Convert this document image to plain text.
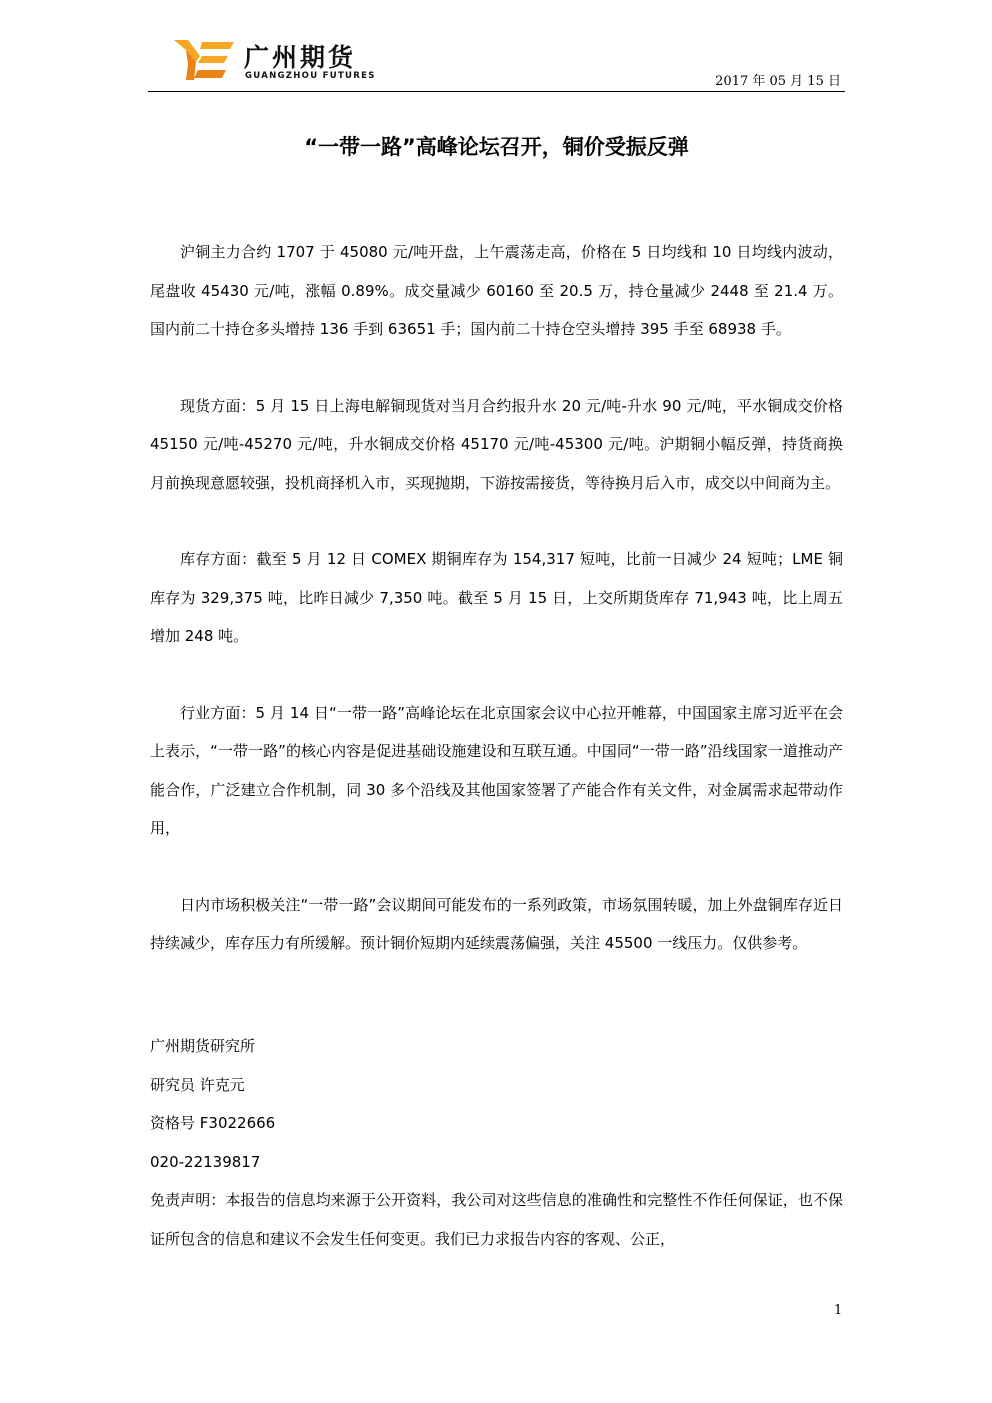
广州期货
GUANGZHOU FUTURES	2017 年 05 月 15 日
“一带一路”高峰论坛召开，铜价受振反弹

沪铜主力合约 1707 于 45080 元/吨开盘，上午震荡走高，价格在 5 日均线和 10 日均线内波动，尾盘收 45430 元/吨，涨幅 0.89%。成交量减少 60160 至 20.5 万，持仓量减少 2448 至 21.4 万。国内前二十持仓多头增持 136 手到 63651 手；国内前二十持仓空头增持 395 手至 68938 手。

现货方面：5 月 15 日上海电解铜现货对当月合约报升水 20 元/吨-升水 90 元/吨，平水铜成交价格 45150 元/吨-45270 元/吨，升水铜成交价格 45170 元/吨-45300 元/吨。沪期铜小幅反弹，持货商换月前换现意愿较强，投机商择机入市，买现抛期，下游按需接货，等待换月后入市，成交以中间商为主。

库存方面：截至 5 月 12 日 COMEX 期铜库存为 154,317 短吨，比前一日减少 24 短吨；LME 铜库存为 329,375 吨，比昨日减少 7,350 吨。截至 5 月 15 日，上交所期货库存 71,943 吨，比上周五增加 248 吨。

行业方面：5 月 14 日“一带一路”高峰论坛在北京国家会议中心拉开帷幕，中国国家主席习近平在会上表示，“一带一路”的核心内容是促进基础设施建设和互联互通。中国同“一带一路”沿线国家一道推动产能合作，广泛建立合作机制，同 30 多个沿线及其他国家签署了产能合作有关文件，对金属需求起带动作用，

日内市场积极关注“一带一路”会议期间可能发布的一系列政策，市场氛围转暖，加上外盘铜库存近日持续减少，库存压力有所缓解。预计铜价短期内延续震荡偏强，关注 45500 一线压力。仅供参考。

广州期货研究所
研究员 许克元
资格号 F3022666
020-22139817
免责声明：本报告的信息均来源于公开资料，我公司对这些信息的准确性和完整性不作任何保证，也不保证所包含的信息和建议不会发生任何变更。我们已力求报告内容的客观、公正，
1
